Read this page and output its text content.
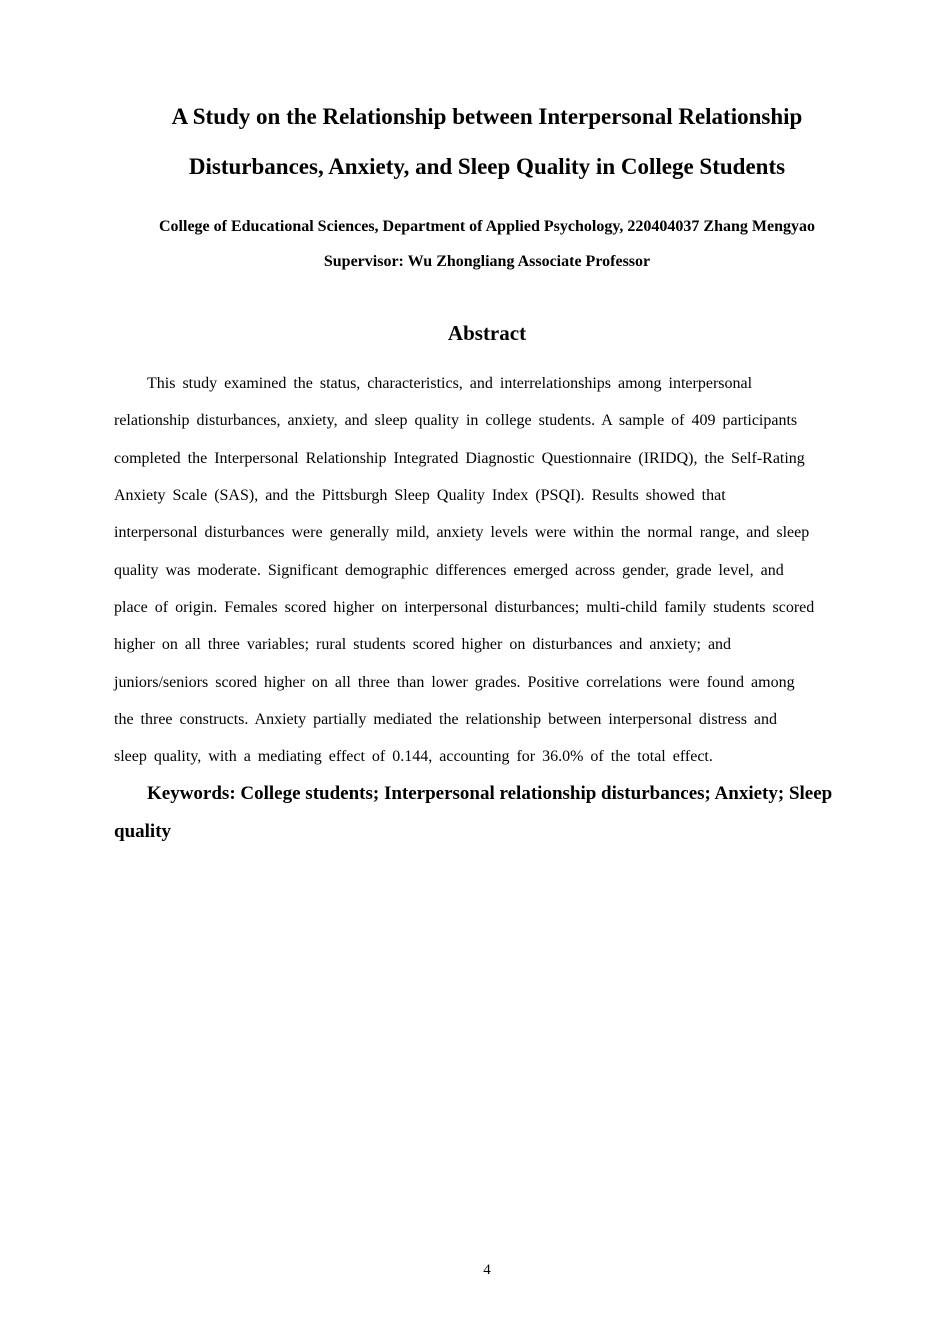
A Study on the Relationship between Interpersonal Relationship
Disturbances, Anxiety, and Sleep Quality in College Students
College of Educational Sciences, Department of Applied Psychology, 220404037 Zhang Mengyao
Supervisor: Wu Zhongliang Associate Professor
Abstract
This study examined the status, characteristics, and interrelationships among interpersonal
relationship disturbances, anxiety, and sleep quality in college students. A sample of 409 participants
completed the Interpersonal Relationship Integrated Diagnostic Questionnaire (IRIDQ), the Self-Rating
Anxiety Scale (SAS), and the Pittsburgh Sleep Quality Index (PSQI). Results showed that
interpersonal disturbances were generally mild, anxiety levels were within the normal range, and sleep
quality was moderate. Significant demographic differences emerged across gender, grade level, and
place of origin. Females scored higher on interpersonal disturbances; multi-child family students scored
higher on all three variables; rural students scored higher on disturbances and anxiety; and
juniors/seniors scored higher on all three than lower grades. Positive correlations were found among
the three constructs. Anxiety partially mediated the relationship between interpersonal distress and
sleep quality, with a mediating effect of 0.144, accounting for 36.0% of the total effect.
Keywords: College students; Interpersonal relationship disturbances; Anxiety; Sleep
quality
4
